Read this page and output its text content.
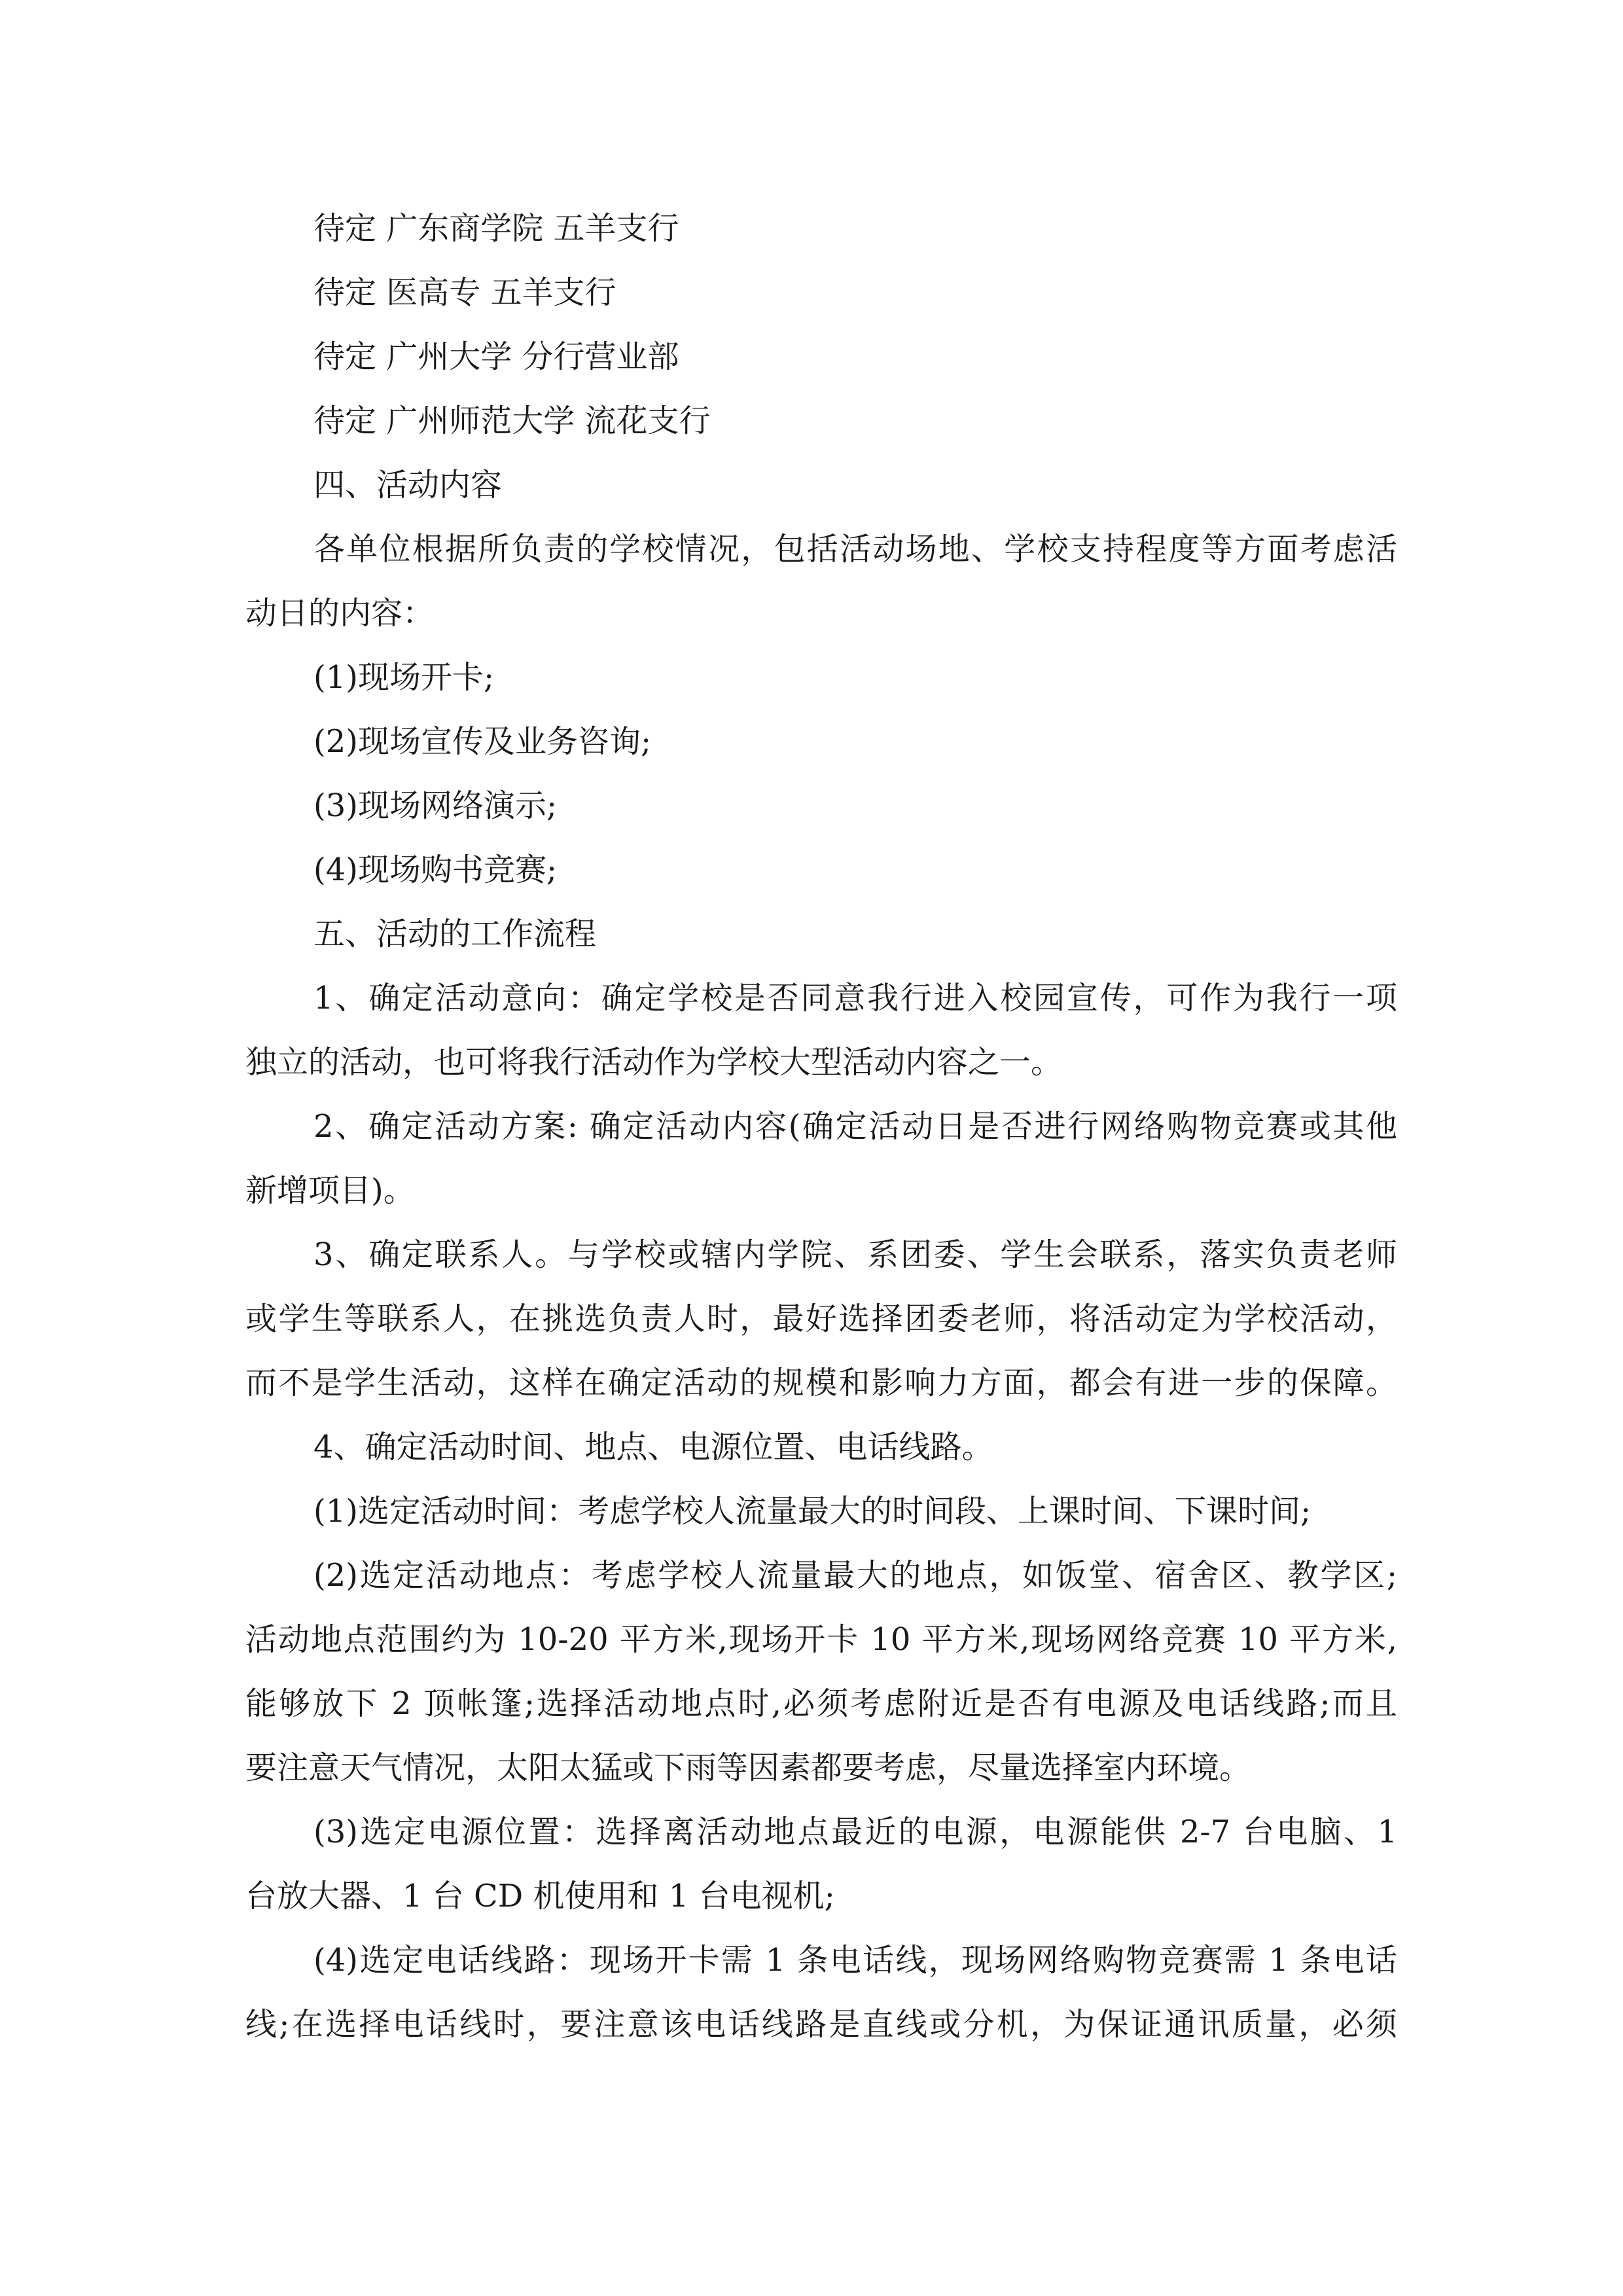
待定 广东商学院 五羊支行
待定 医高专 五羊支行
待定 广州大学 分行营业部
待定 广州师范大学 流花支行
四、活动内容
各单位根据所负责的学校情况，包括活动场地、学校支持程度等方面考虑活
动日的内容：
(1)现场开卡;
(2)现场宣传及业务咨询;
(3)现场网络演示;
(4)现场购书竞赛;
五、活动的工作流程
1、确定活动意向：确定学校是否同意我行进入校园宣传，可作为我行一项
独立的活动，也可将我行活动作为学校大型活动内容之一。
2、确定活动方案: 确定活动内容(确定活动日是否进行网络购物竞赛或其他
新增项目)。
3、确定联系人。与学校或辖内学院、系团委、学生会联系，落实负责老师
或学生等联系人，在挑选负责人时，最好选择团委老师，将活动定为学校活动，
而不是学生活动，这样在确定活动的规模和影响力方面，都会有进一步的保障。
4、确定活动时间、地点、电源位置、电话线路。
(1)选定活动时间：考虑学校人流量最大的时间段、上课时间、下课时间;
(2)选定活动地点：考虑学校人流量最大的地点，如饭堂、宿舍区、教学区;
活动地点范围约为 10-20 平方米,现场开卡 10 平方米,现场网络竞赛 10 平方米,
能够放下 2 顶帐篷;选择活动地点时,必须考虑附近是否有电源及电话线路;而且
要注意天气情况，太阳太猛或下雨等因素都要考虑，尽量选择室内环境。
(3)选定电源位置：选择离活动地点最近的电源，电源能供 2-7 台电脑、1
台放大器、1 台 CD 机使用和 1 台电视机;
(4)选定电话线路：现场开卡需 1 条电话线，现场网络购物竞赛需 1 条电话
线;在选择电话线时，要注意该电话线路是直线或分机，为保证通讯质量，必须
